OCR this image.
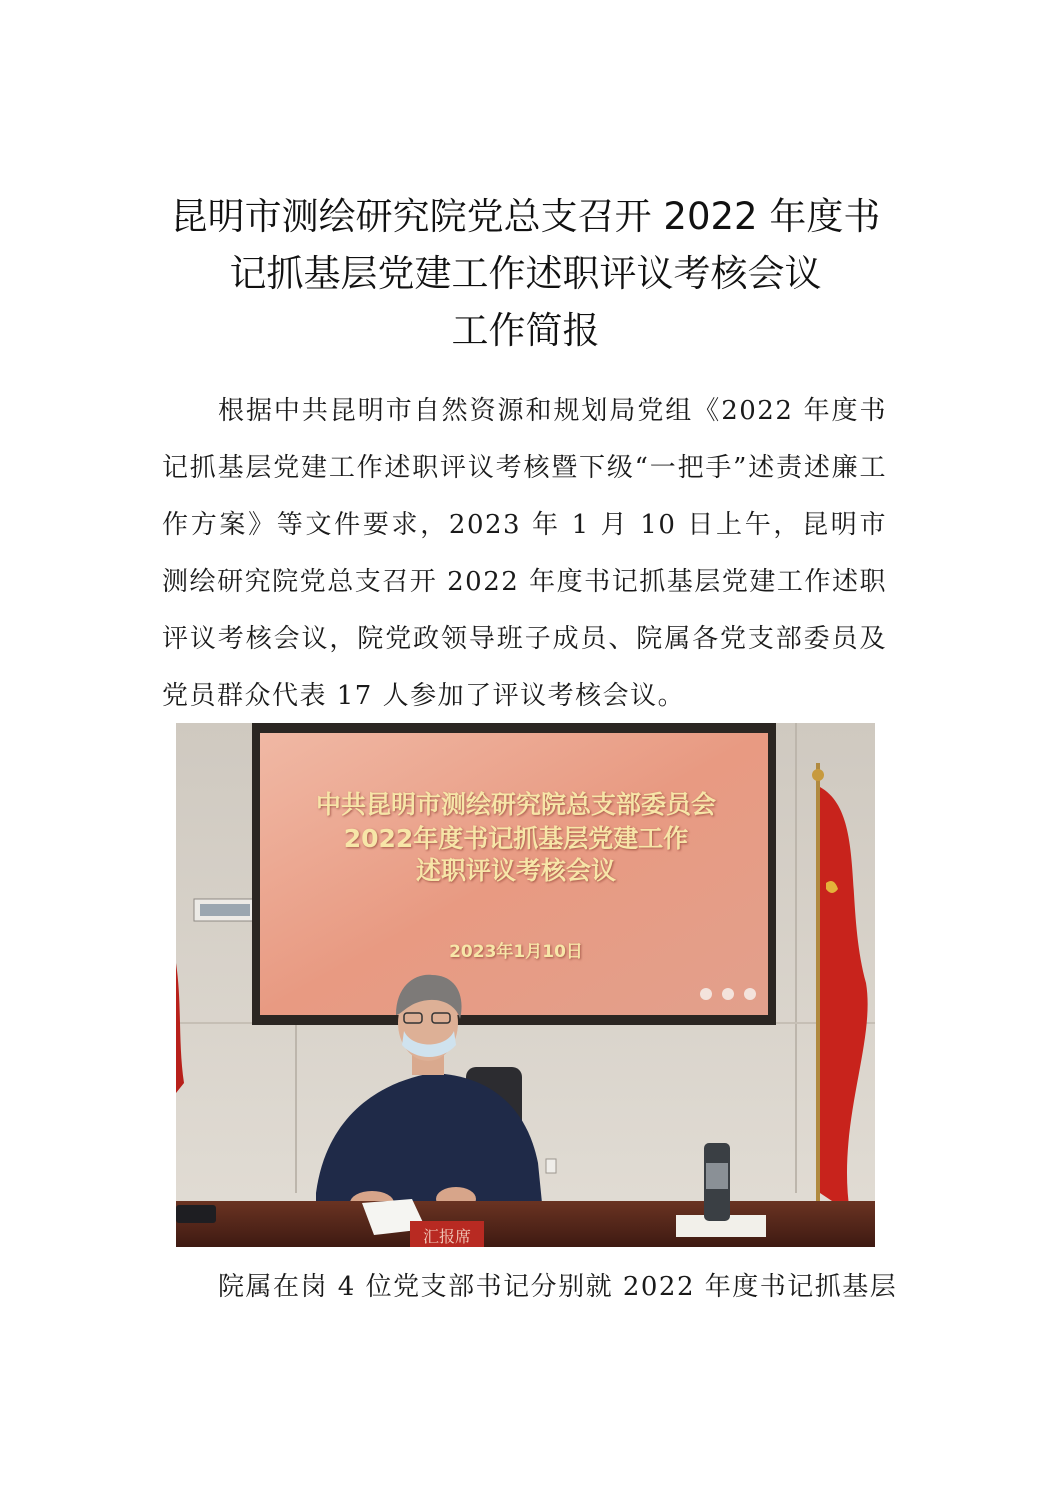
昆明市测绘研究院党总支召开 2022 年度书
记抓基层党建工作述职评议考核会议
工作简报
根据中共昆明市自然资源和规划局党组《2022 年度书记抓基层党建工作述职评议考核暨下级“一把手”述责述廉工作方案》等文件要求，2023 年 1 月 10 日上午，昆明市测绘研究院党总支召开 2022 年度书记抓基层党建工作述职评议考核会议，院党政领导班子成员、院属各党支部委员及党员群众代表 17 人参加了评议考核会议。
中共昆明市测绘研究院总支部委员会
2022年度书记抓基层党建工作
述职评议考核会议
2023年1月10日
汇报席
院属在岗 4 位党支部书记分别就 2022 年度书记抓基层
